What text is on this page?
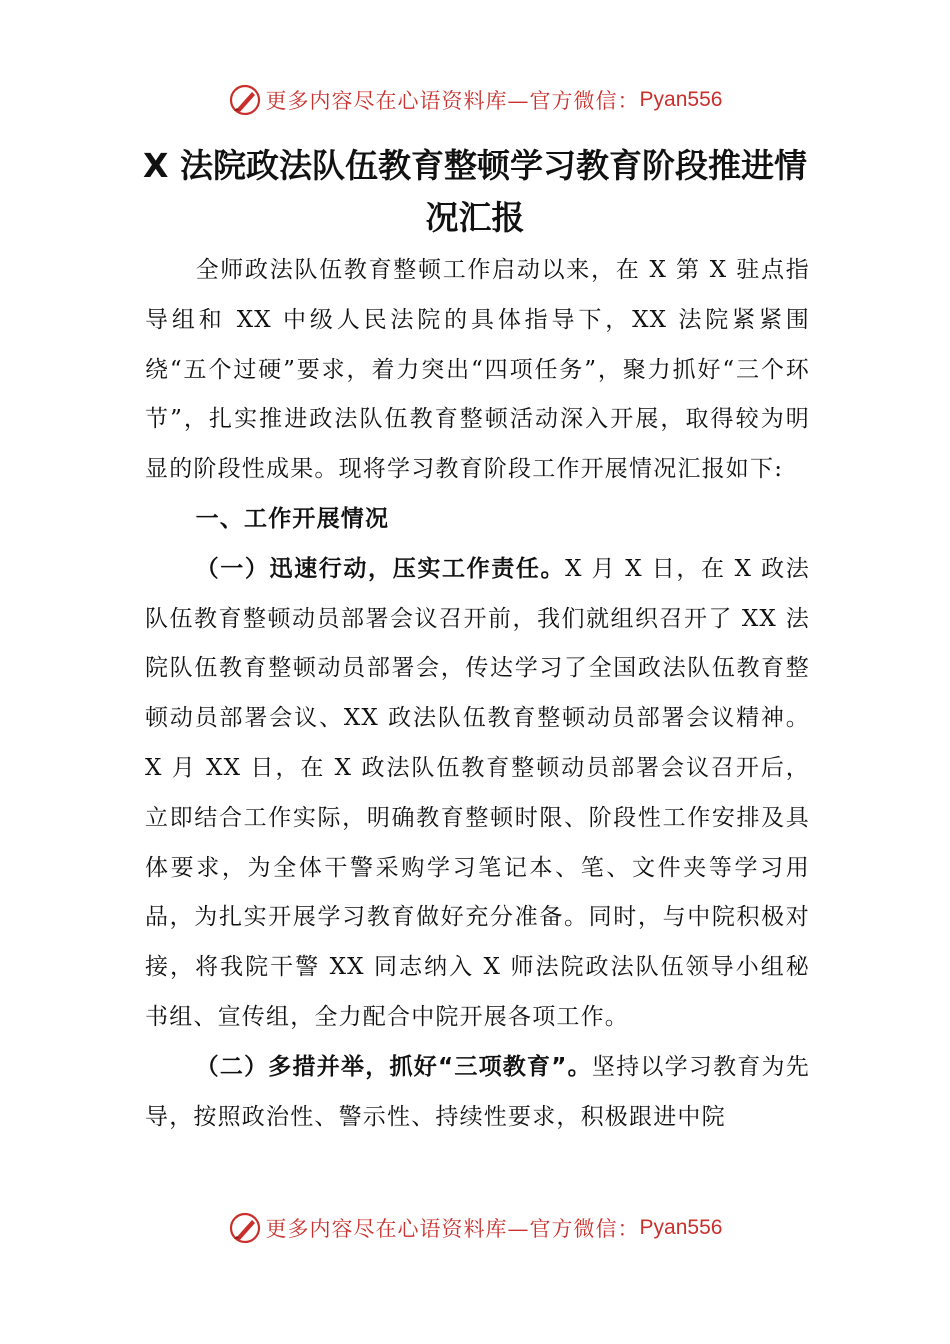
更多内容尽在心语资料库—官方微信： Pyan556
X 法院政法队伍教育整顿学习教育阶段推进情况汇报

全师政法队伍教育整顿工作启动以来，在 X 第 X 驻点指导组和 XX 中级人民法院的具体指导下，XX 法院紧紧围绕“五个过硬”要求，着力突出“四项任务”，聚力抓好“三个环节”，扎实推进政法队伍教育整顿活动深入开展，取得较为明显的阶段性成果。现将学习教育阶段工作开展情况汇报如下:

一、工作开展情况

（一）迅速行动，压实工作责任。X 月 X 日，在 X 政法队伍教育整顿动员部署会议召开前，我们就组织召开了 XX 法院队伍教育整顿动员部署会，传达学习了全国政法队伍教育整顿动员部署会议、XX 政法队伍教育整顿动员部署会议精神。X 月 XX 日，在 X 政法队伍教育整顿动员部署会议召开后，立即结合工作实际，明确教育整顿时限、阶段性工作安排及具体要求，为全体干警采购学习笔记本、笔、文件夹等学习用品，为扎实开展学习教育做好充分准备。同时，与中院积极对接，将我院干警 XX 同志纳入 X 师法院政法队伍领导小组秘书组、宣传组，全力配合中院开展各项工作。

（二）多措并举，抓好“三项教育”。坚持以学习教育为先导，按照政治性、警示性、持续性要求，积极跟进中院

更多内容尽在心语资料库—官方微信： Pyan556
